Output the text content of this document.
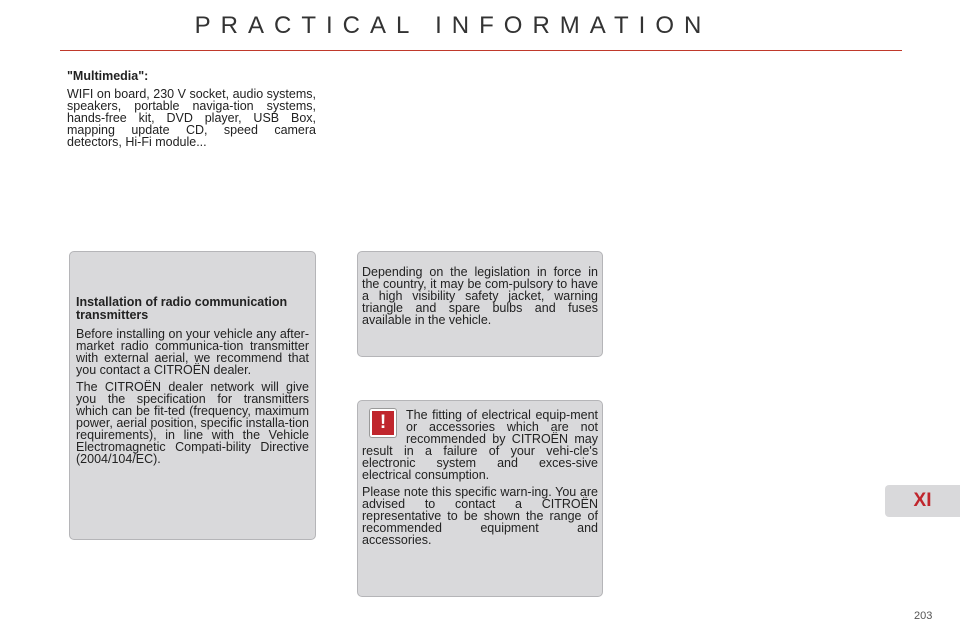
PRACTICAL INFORMATION
"Multimedia":

WIFI on board, 230 V socket, audio systems, speakers, portable naviga-tion systems, hands-free kit, DVD player, USB Box, mapping update CD, speed camera detectors, Hi-Fi module...

Installation of radio communication transmitters

Before installing on your vehicle any after-market radio communica-tion transmitter with external aerial, we recommend that you contact a CITROËN dealer.

The CITROËN dealer network will give you the specification for transmitters which can be fit-ted (frequency, maximum power, aerial position, specific installa-tion requirements), in line with the Vehicle Electromagnetic Compati-bility Directive (2004/104/EC).

Depending on the legislation in force in the country, it may be com-pulsory to have a high visibility safety jacket, warning triangle and spare bulbs and fuses available in the vehicle.

!	The fitting of electrical equip-ment or accessories which are not recommended by CITROËN may result in a failure of your vehi-cle's electronic system and exces-sive electrical consumption.

Please note this specific warn-ing. You are advised to contact a CITROËN representative to be shown the range of recommended equipment and accessories.

XI
203
